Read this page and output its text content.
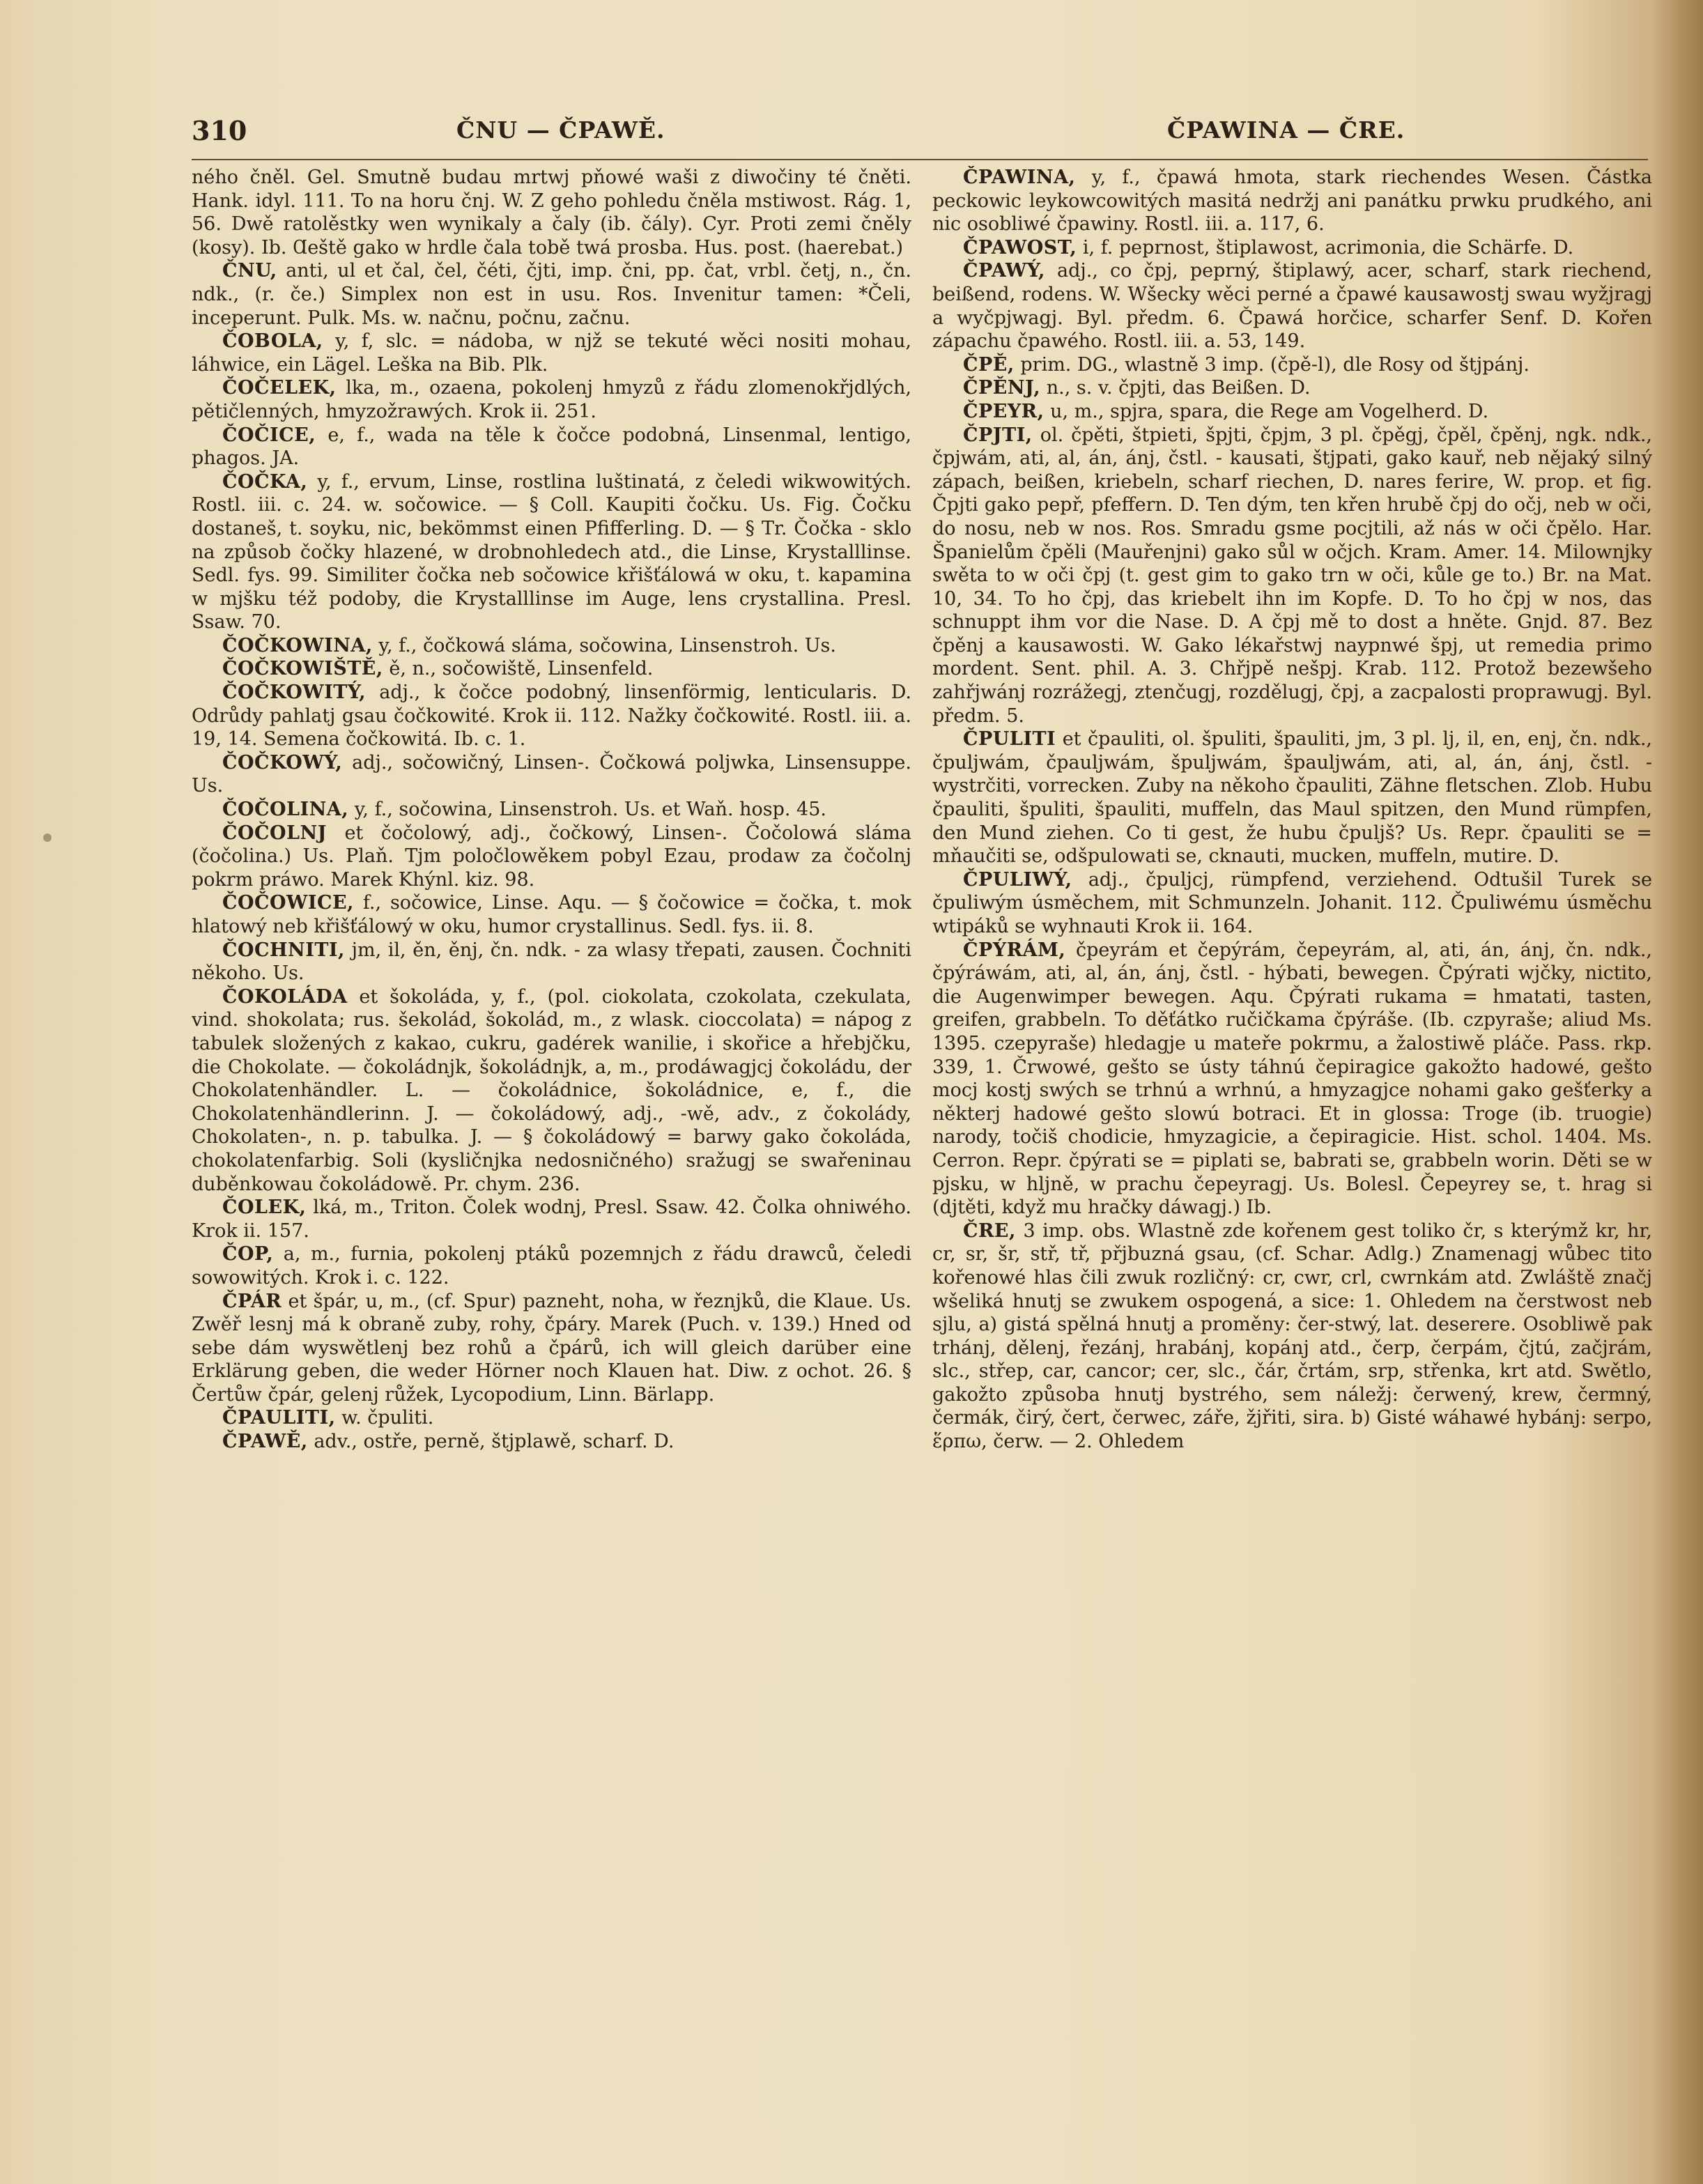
310	ČNU — ČPAWĚ.	ČPAWINA — ČRE.

ného čněl. Gel. Smutně budau mrtwj pňowé waši z diwočiny té čněti. Hank. idyl. 111. To na horu čnj. W. Z geho pohledu čněla mstiwost. Rág. 1, 56. Dwě ratolěstky wen wynikaly a čaly (ib. čály). Cyr. Proti zemi čněly (kosy). Ib. Ɑeště gako w hrdle čala tobě twá prosba. Hus. post. (haerebat.)

ČNU, anti, ul et čal, čel, čéti, čjti, imp. čni, pp. čat, vrbl. četj, n., čn. ndk., (r. če.) Simplex non est in usu. Ros. Invenitur tamen: *Čeli, inceperunt. Pulk. Ms. w. načnu, počnu, začnu.

ČOBOLA, y, f, slc. = nádoba, w njž se tekuté wěci nositi mohau, láhwice, ein Lägel. Leška na Bib. Plk.

ČOČELEK, lka, m., ozaena, pokolenj hmyzů z řádu zlomenokřjdlých, pětičlenných, hmyzožrawých. Krok ii. 251.

ČOČICE, e, f., wada na těle k čočce podobná, Linsenmal, lentigo, phagos. JA.

ČOČKA, y, f., ervum, Linse, rostlina luštinatá, z čeledi wikwowitých. Rostl. iii. c. 24. w. sočowice. — § Coll. Kaupiti čočku. Us. Fig. Čočku dostaneš, t. soyku, nic, bekömmst einen Pfifferling. D. — § Tr. Čočka - sklo na způsob čočky hlazené, w drobnohledech atd., die Linse, Krystalllinse. Sedl. fys. 99. Similiter čočka neb sočowice křišťálowá w oku, t. kapamina w mjšku též podoby, die Krystalllinse im Auge, lens crystallina. Presl. Ssaw. 70.

ČOČKOWINA, y, f., čočkowá sláma, sočowina, Linsenstroh. Us.

ČOČKOWIŠTĚ, ě, n., sočowiště, Linsenfeld.

ČOČKOWITÝ, adj., k čočce podobný, linsenförmig, lenticularis. D. Odrůdy pahlatj gsau čočkowité. Krok ii. 112. Nažky čočkowité. Rostl. iii. a. 19, 14. Semena čočkowitá. Ib. c. 1.

ČOČKOWÝ, adj., sočowičný, Linsen-. Čočkowá poljwka, Linsensuppe. Us.

ČOČOLINA, y, f., sočowina, Linsenstroh. Us. et Waň. hosp. 45.

ČOČOLNJ et čočolowý, adj., čočkowý, Linsen-. Čočolowá sláma (čočolina.) Us. Plaň. Tjm poločlowěkem pobyl Ezau, prodaw za čočolnj pokrm práwo. Marek Khýnl. kiz. 98.

ČOČOWICE, f., sočowice, Linse. Aqu. — § čočowice = čočka, t. mok hlatowý neb křišťálowý w oku, humor crystallinus. Sedl. fys. ii. 8.

ČOCHNITI, jm, il, ěn, ěnj, čn. ndk. - za wlasy třepati, zausen. Čochniti někoho. Us.

ČOKOLÁDA et šokoláda, y, f., (pol. ciokolata, czokolata, czekulata, vind. shokolata; rus. šekolád, šokolád, m., z wlask. cioccolata) = nápog z tabulek složených z kakao, cukru, gadérek wanilie, i skořice a hřebjčku, die Chokolate. — čokoládnjk, šokoládnjk, a, m., prodáwagjcj čokoládu, der Chokolatenhändler. L. — čokoládnice, šokoládnice, e, f., die Chokolatenhändlerinn. J. — čokoládowý, adj., -wě, adv., z čokolády, Chokolaten-, n. p. tabulka. J. — § čokoládowý = barwy gako čokoláda, chokolatenfarbig. Soli (kysličnjka nedosničného) sražugj se swařeninau duběnkowau čokoládowě. Pr. chym. 236.

ČOLEK, lká, m., Triton. Čolek wodnj, Presl. Ssaw. 42. Čolka ohniwého. Krok ii. 157.

ČOP, a, m., furnia, pokolenj ptáků pozemnjch z řádu drawců, čeledi sowowitých. Krok i. c. 122.

ČPÁR et špár, u, m., (cf. Spur) pazneht, noha, w řeznjků, die Klaue. Us. Zwěř lesnj má k obraně zuby, rohy, čpáry. Marek (Puch. v. 139.) Hned od sebe dám wyswětlenj bez rohů a čpárů, ich will gleich darüber eine Erklärung geben, die weder Hörner noch Klauen hat. Diw. z ochot. 26. § Čertůw čpár, gelenj růžek, Lycopodium, Linn. Bärlapp.

ČPAULITI, w. čpuliti.

ČPAWĚ, adv., ostře, perně, štjplawě, scharf. D.

ČPAWINA, y, f., čpawá hmota, stark riechendes Wesen. Částka peckowic leykowcowitých masitá nedržj ani panátku prwku prudkého, ani nic osobliwé čpawiny. Rostl. iii. a. 117, 6.

ČPAWOST, i, f. peprnost, štiplawost, acrimonia, die Schärfe. D.

ČPAWÝ, adj., co čpj, peprný, štiplawý, acer, scharf, stark riechend, beißend, rodens. W. Wšecky wěci perné a čpawé kausawostj swau wyžjragj a wyčpjwagj. Byl. předm. 6. Čpawá horčice, scharfer Senf. D. Kořen zápachu čpawého. Rostl. iii. a. 53, 149.

ČPĚ, prim. DG., wlastně 3 imp. (čpě-l), dle Rosy od štjpánj.

ČPĚNJ, n., s. v. čpjti, das Beißen. D.

ČPEYR, u, m., spjra, spara, die Rege am Vogelherd. D.

ČPJTI, ol. čpěti, štpieti, špjti, čpjm, 3 pl. čpěgj, čpěl, čpěnj, ngk. ndk., čpjwám, ati, al, án, ánj, čstl. - kausati, štjpati, gako kauř, neb nějaký silný zápach, beißen, kriebeln, scharf riechen, D. nares ferire, W. prop. et fig. Čpjti gako pepř, pfeffern. D. Ten dým, ten křen hrubě čpj do očj, neb w oči, do nosu, neb w nos. Ros. Smradu gsme pocjtili, až nás w oči čpělo. Har. Španielům čpěli (Mauřenjni) gako sůl w očjch. Kram. Amer. 14. Milownjky swěta to w oči čpj (t. gest gim to gako trn w oči, kůle ge to.) Br. na Mat. 10, 34. To ho čpj, das kriebelt ihn im Kopfe. D. To ho čpj w nos, das schnuppt ihm vor die Nase. D. A čpj mě to dost a hněte. Gnjd. 87. Bez čpěnj a kausawosti. W. Gako lékařstwj naypnwé špj, ut remedia primo mordent. Sent. phil. A. 3. Chřjpě nešpj. Krab. 112. Protož bezewšeho zahřjwánj rozrážegj, ztenčugj, rozdělugj, čpj, a zacpalosti proprawugj. Byl. předm. 5.

ČPULITI et čpauliti, ol. špuliti, špauliti, jm, 3 pl. lj, il, en, enj, čn. ndk., čpuljwám, čpauljwám, špuljwám, špauljwám, ati, al, án, ánj, čstl. - wystrčiti, vorrecken. Zuby na někoho čpauliti, Zähne fletschen. Zlob. Hubu čpauliti, špuliti, špauliti, muffeln, das Maul spitzen, den Mund rümpfen, den Mund ziehen. Co ti gest, že hubu čpulјš? Us. Repr. čpauliti se = mňaučiti se, odšpulowati se, cknauti, mucken, muffeln, mutire. D.

ČPULIWÝ, adj., čpulјcj, rümpfend, verziehend. Odtušil Turek se čpuliwým úsměchem, mit Schmunzeln. Johanit. 112. Čpuliwému úsměchu wtipáků se wyhnauti Krok ii. 164.

ČPÝRÁM, čpeyrám et čepýrám, čepeyrám, al, ati, án, ánj, čn. ndk., čpýráwám, ati, al, án, ánj, čstl. - hýbati, bewegen. Čpýrati wjčky, nictito, die Augenwimper bewegen. Aqu. Čpýrati rukama = hmatati, tasten, greifen, grabbeln. To děťátko ručičkama čpýráše. (Ib. czpyraše; aliud Ms. 1395. czepyraše) hledagje u mateře pokrmu, a žalostiwě pláče. Pass. rkp. 339, 1. Črwowé, gešto se ústy táhnú čepiragice gakožto hadowé, gešto mocj kostj swých se trhnú a wrhnú, a hmyzagjce nohami gako gešťerky a některj hadowé gešto slowú botraci. Et in glossa: Troge (ib. truogie) narody, točiš chodicie, hmyzagicie, a čepiragicie. Hist. schol. 1404. Ms. Cerron. Repr. čpýrati se = piplati se, babrati se, grabbeln worin. Děti se w pjsku, w hljně, w prachu čepeyragj. Us. Bolesl. Čepeyrey se, t. hrag si (djtěti, když mu hračky dáwagj.) Ib.

ČRE, 3 imp. obs. Wlastně zde kořenem gest toliko čr, s kterýmž kr, hr, cr, sr, šr, stř, tř, přjbuzná gsau, (cf. Schar. Adlg.) Znamenagj wůbec tito kořenowé hlas čili zwuk rozličný: cr, cwr, crl, cwrnkám atd. Zwláště značj wšeliká hnutj se zwukem ospogená, a sice: 1. Ohledem na čerstwost neb sjlu, a) gistá spělná hnutj a proměny: čer-stwý, lat. deserere. Osobliwě pak trhánj, dělenj, řezánj, hrabánj, kopánj atd., čerp, čerpám, čjtú, začjrám, slc., střep, car, cancor; cer, slc., čár, črtám, srp, střenka, krt atd. Swětlo, gakožto způsoba hnutj bystrého, sem náležj: čerwený, krew, čermný, čermák, čirý, čert, čerwec, zářе, žjřiti, sira. b) Gisté wáhawé hybánj: serpo, ἕρπω, čerw. — 2. Ohledem
